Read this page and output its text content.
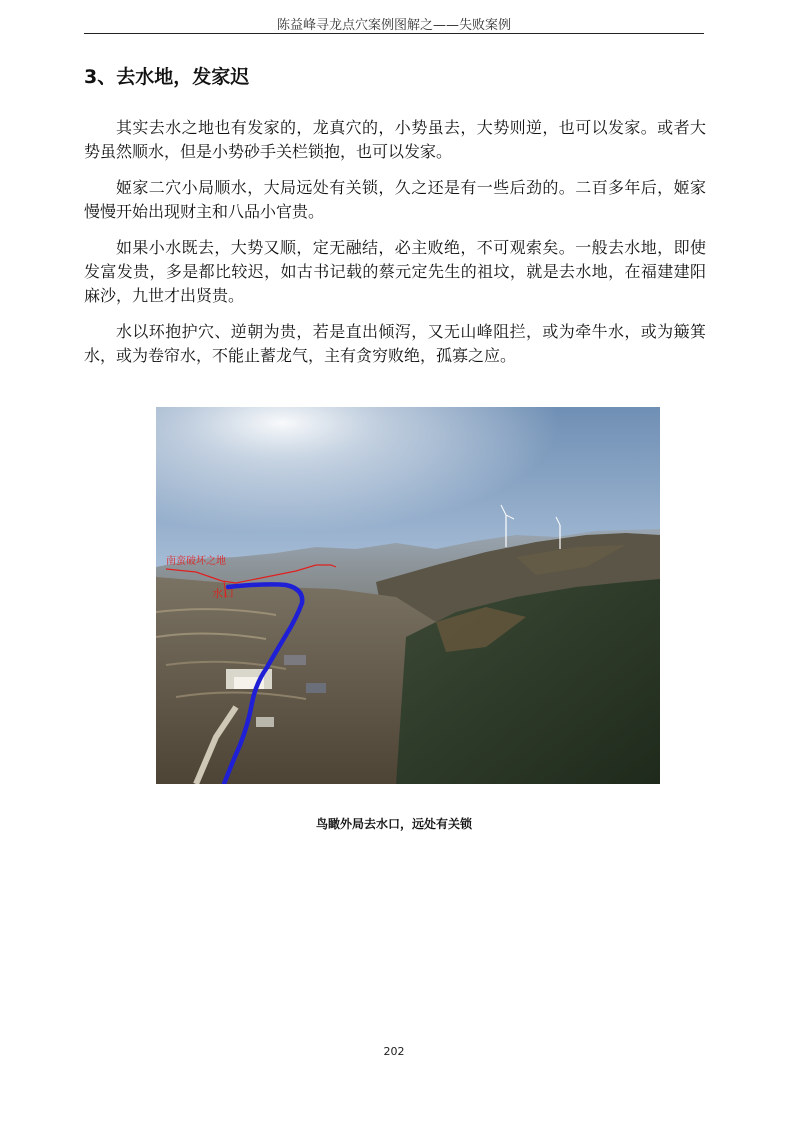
陈益峰寻龙点穴案例图解之——失败案例
3、去水地，发家迟

其实去水之地也有发家的，龙真穴的，小势虽去，大势则逆，也可以发家。或者大势虽然顺水，但是小势砂手关栏锁抱，也可以发家。

姬家二穴小局顺水，大局远处有关锁，久之还是有一些后劲的。二百多年后，姬家慢慢开始出现财主和八品小官贵。

如果小水既去，大势又顺，定无融结，必主败绝，不可观索矣。一般去水地，即使发富发贵，多是都比较迟，如古书记载的蔡元定先生的祖坟，就是去水地，在福建建阳麻沙，九世才出贤贵。

水以环抱护穴、逆朝为贵，若是直出倾泻，又无山峰阻拦，或为牵牛水，或为簸箕水，或为卷帘水，不能止蓄龙气，主有贪穷败绝，孤寡之应。

南蛮破坏之地
水口
鸟瞰外局去水口，远处有关锁
202
